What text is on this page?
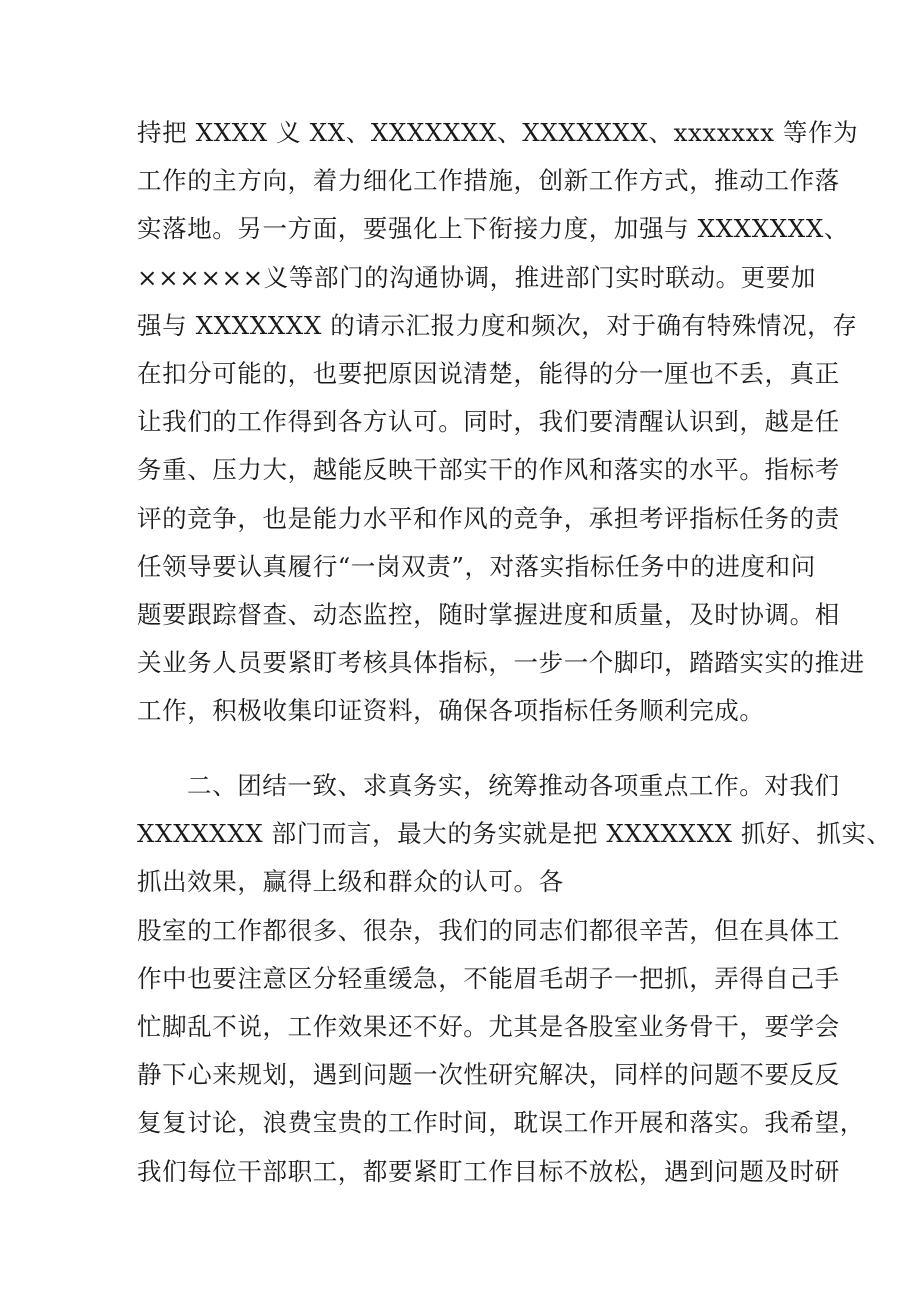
持把 XXXX 义 XX、XXXXXXX、XXXXXXX、xxxxxxx 等作为
工作的主方向，着力细化工作措施，创新工作方式，推动工作落
实落地。另一方面，要强化上下衔接力度，加强与 XXXXXXX、
××××××义等部门的沟通协调，推进部门实时联动。更要加
强与 XXXXXXX 的请示汇报力度和频次，对于确有特殊情况，存
在扣分可能的，也要把原因说清楚，能得的分一厘也不丢，真正
让我们的工作得到各方认可。同时，我们要清醒认识到，越是任
务重、压力大，越能反映干部实干的作风和落实的水平。指标考
评的竞争，也是能力水平和作风的竞争，承担考评指标任务的责
任领导要认真履行“一岗双责”，对落实指标任务中的进度和问
题要跟踪督查、动态监控，随时掌握进度和质量，及时协调。相
关业务人员要紧盯考核具体指标，一步一个脚印，踏踏实实的推进
工作，积极收集印证资料，确保各项指标任务顺利完成。
二、团结一致、求真务实，统筹推动各项重点工作。对我们
XXXXXXX 部门而言，最大的务实就是把 XXXXXXX 抓好、抓实、
抓出效果，赢得上级和群众的认可。各
股室的工作都很多、很杂，我们的同志们都很辛苦，但在具体工
作中也要注意区分轻重缓急，不能眉毛胡子一把抓，弄得自己手
忙脚乱不说，工作效果还不好。尤其是各股室业务骨干，要学会
静下心来规划，遇到问题一次性研究解决，同样的问题不要反反
复复讨论，浪费宝贵的工作时间，耽误工作开展和落实。我希望，
我们每位干部职工，都要紧盯工作目标不放松，遇到问题及时研
